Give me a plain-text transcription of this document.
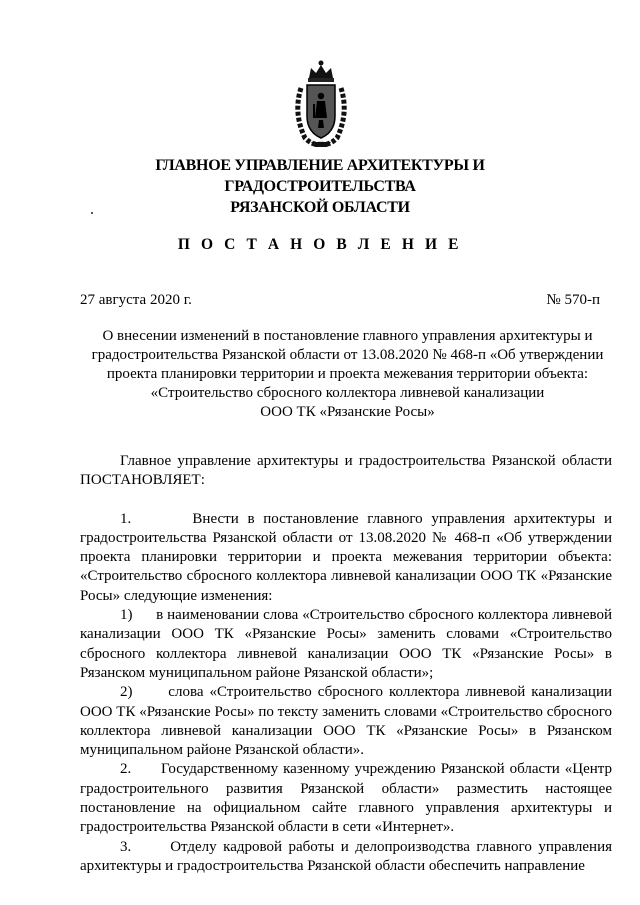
ГЛАВНОЕ УПРАВЛЕНИЕ АРХИТЕКТУРЫ И
ГРАДОСТРОИТЕЛЬСТВА
РЯЗАНСКОЙ ОБЛАСТИ
П О С Т А Н О В Л Е Н И Е
27 августа 2020 г.	№ 570-п
О внесении изменений в постановление главного управления архитектуры и
градостроительства Рязанской области от 13.08.2020 № 468-п «Об утверждении
проекта планировки территории и проекта межевания территории объекта:
«Строительство сбросного коллектора ливневой канализации
ООО ТК «Рязанские Росы»

Главное управление архитектуры и градостроительства Рязанской области ПОСТАНОВЛЯЕТ:

1.       Внести в постановление главного управления архитектуры и градостроительства Рязанской области от 13.08.2020 № 468-п «Об утверждении проекта планировки территории и проекта межевания территории объекта: «Строительство сбросного коллектора ливневой канализации ООО ТК «Рязанские Росы» следующие изменения:

1)      в наименовании слова «Строительство сбросного коллектора ливневой канализации ООО ТК «Рязанские Росы» заменить словами «Строительство сбросного коллектора ливневой канализации ООО ТК «Рязанские Росы» в Рязанском муниципальном районе Рязанской области»;

2)      слова «Строительство сбросного коллектора ливневой канализации ООО ТК «Рязанские Росы» по тексту заменить словами «Строительство сбросного коллектора ливневой канализации ООО ТК «Рязанские Росы» в Рязанском муниципальном районе Рязанской области».

2.      Государственному казенному учреждению Рязанской области «Центр градостроительного развития Рязанской области» разместить настоящее постановление на официальном сайте главного управления архитектуры и градостроительства Рязанской области в сети «Интернет».

3.      Отделу кадровой работы и делопроизводства главного управления архитектуры и градостроительства Рязанской области обеспечить направление
